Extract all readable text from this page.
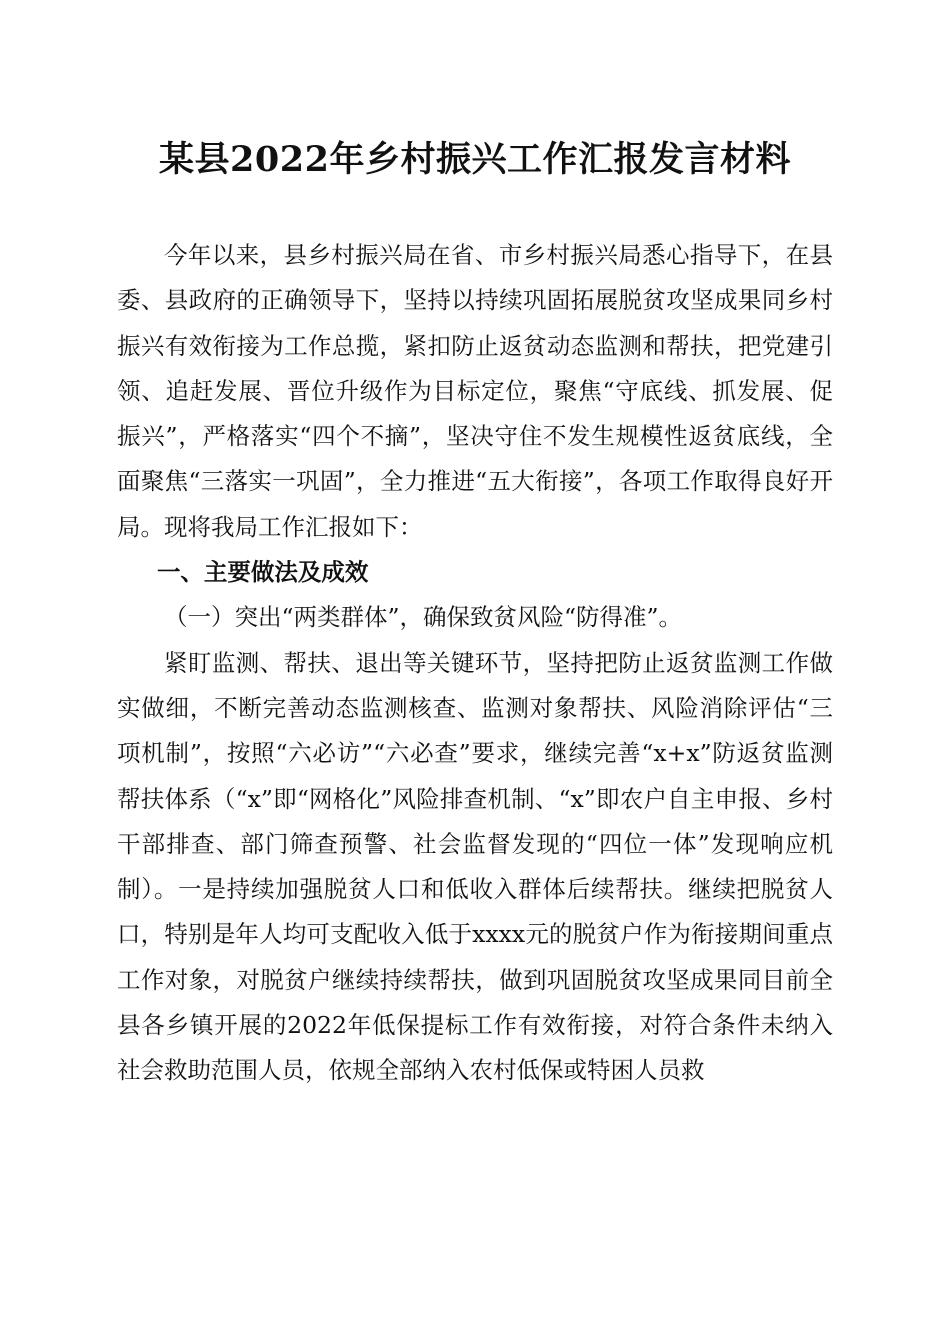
某县2022年乡村振兴工作汇报发言材料

今年以来，县乡村振兴局在省、市乡村振兴局悉心指导下，在县委、县政府的正确领导下，坚持以持续巩固拓展脱贫攻坚成果同乡村振兴有效衔接为工作总揽，紧扣防止返贫动态监测和帮扶，把党建引领、追赶发展、晋位升级作为目标定位，聚焦“守底线、抓发展、促振兴”，严格落实“四个不摘”，坚决守住不发生规模性返贫底线，全面聚焦“三落实一巩固”，全力推进“五大衔接”，各项工作取得良好开局。现将我局工作汇报如下：

一、主要做法及成效
（一）突出“两类群体”，确保致贫风险“防得准”。

紧盯监测、帮扶、退出等关键环节，坚持把防止返贫监测工作做实做细，不断完善动态监测核查、监测对象帮扶、风险消除评估“三项机制”，按照“六必访”“六必查”要求，继续完善“x+x”防返贫监测帮扶体系（“x”即“网格化”风险排查机制、“x”即农户自主申报、乡村干部排查、部门筛查预警、社会监督发现的“四位一体”发现响应机制）。一是持续加强脱贫人口和低收入群体后续帮扶。继续把脱贫人口，特别是年人均可支配收入低于xxxx元的脱贫户作为衔接期间重点工作对象，对脱贫户继续持续帮扶，做到巩固脱贫攻坚成果同目前全县各乡镇开展的2022年低保提标工作有效衔接，对符合条件未纳入社会救助范围人员，依规全部纳入农村低保或特困人员救
